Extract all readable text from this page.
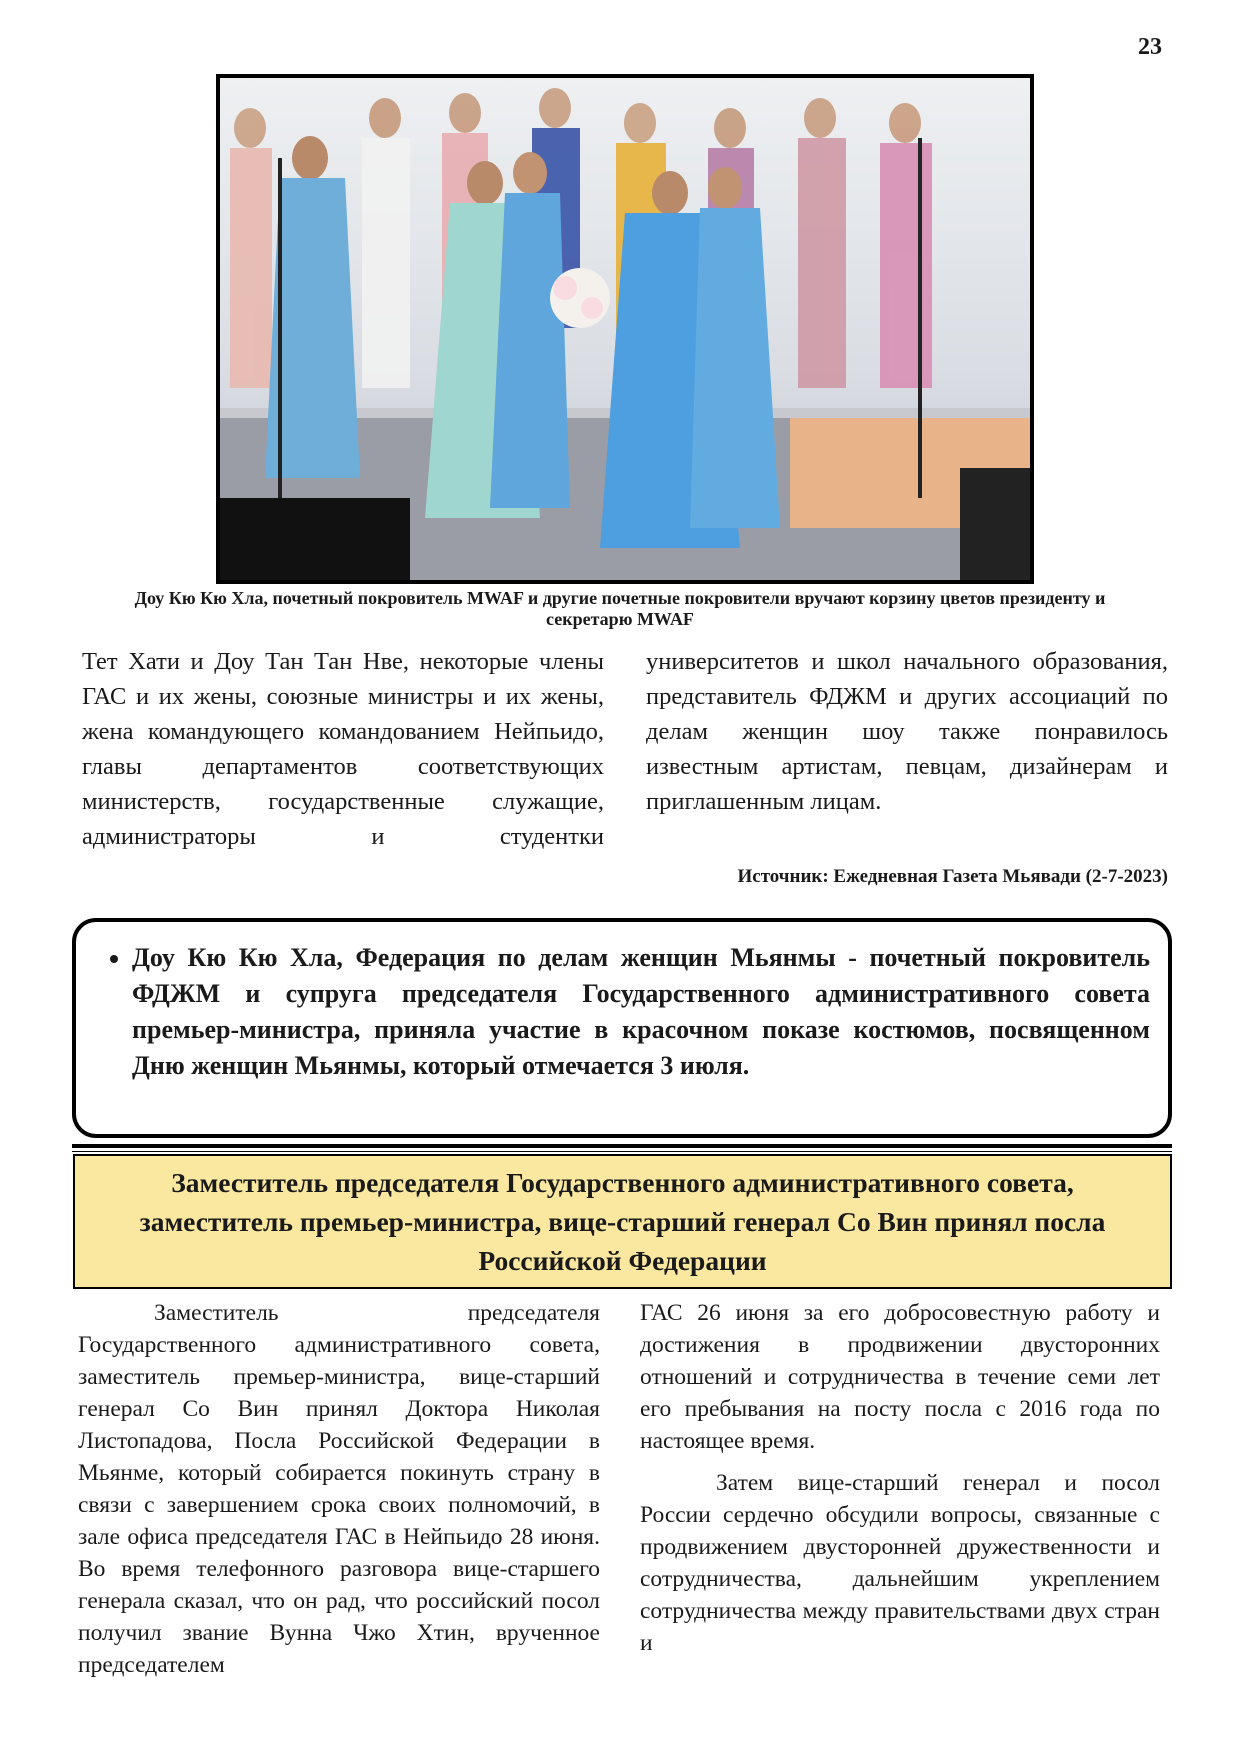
23
Доу Кю Кю Хла, почетный покровитель MWAF и другие почетные покровители вручают корзину цветов президенту и секретарю MWAF

Тет Хати и Доу Тан Тан Нве, некоторые члены ГАС и их жены, союзные министры и их жены, жена командующего командованием Нейпьидо, главы департаментов соответствующих министерств, государственные служащие, администраторы и студентки

университетов и школ начального образования, представитель ФДЖМ и других ассоциаций по делам женщин шоу также понравилось известным артистам, певцам, дизайнерам и приглашенным лицам.

Источник: Ежедневная Газета Мьявади (2-7-2023)
• Доу Кю Кю Хла, Федерация по делам женщин Мьянмы - почетный покровитель ФДЖМ и супруга председателя Государственного административного совета премьер-министра, приняла участие в красочном показе костюмов, посвященном Дню женщин Мьянмы, который отмечается 3 июля.
Заместитель председателя Государственного административного совета, заместитель премьер-министра, вице-старший генерал Со Вин принял посла Российской Федерации

Заместитель председателя Государственного административного совета, заместитель премьер-министра, вице-старший генерал Со Вин принял Доктора Николая Листопадова, Посла Российской Федерации в Мьянме, который собирается покинуть страну в связи с завершением срока своих полномочий, в зале офиса председателя ГАС в Нейпьидо 28 июня. Во время телефонного разговора вице-старшего генерала сказал, что он рад, что российский посол получил звание Вунна Чжо Хтин, врученное председателем

ГАС 26 июня за его добросовестную работу и достижения в продвижении двусторонних отношений и сотрудничества в течение семи лет его пребывания на посту посла с 2016 года по настоящее время.

Затем вице-старший генерал и посол России сердечно обсудили вопросы, связанные с продвижением двусторонней дружественности и сотрудничества, дальнейшим укреплением сотрудничества между правительствами двух стран и
